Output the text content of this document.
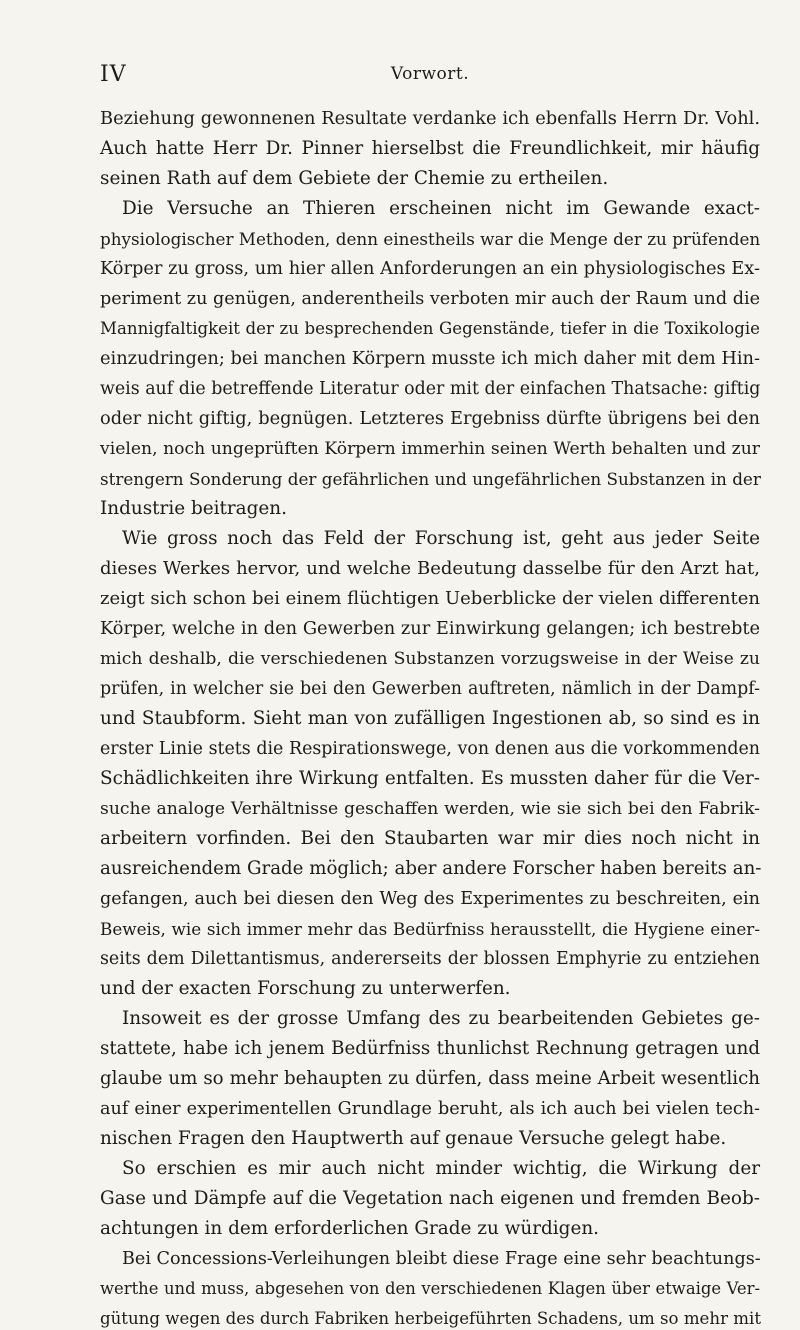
IV	Vorwort.
Beziehung gewonnenen Resultate verdanke ich ebenfalls Herrn Dr. Vohl.
Auch hatte Herr Dr. Pinner hierselbst die Freundlichkeit, mir häufig
seinen Rath auf dem Gebiete der Chemie zu ertheilen.
Die Versuche an Thieren erscheinen nicht im Gewande exact-
physiologischer Methoden, denn einestheils war die Menge der zu prüfenden
Körper zu gross, um hier allen Anforderungen an ein physiologisches Ex-
periment zu genügen, anderentheils verboten mir auch der Raum und die
Mannigfaltigkeit der zu besprechenden Gegenstände, tiefer in die Toxikologie
einzudringen; bei manchen Körpern musste ich mich daher mit dem Hin-
weis auf die betreffende Literatur oder mit der einfachen Thatsache: giftig
oder nicht giftig, begnügen. Letzteres Ergebniss dürfte übrigens bei den
vielen, noch ungeprüften Körpern immerhin seinen Werth behalten und zur
strengern Sonderung der gefährlichen und ungefährlichen Substanzen in der
Industrie beitragen.
Wie gross noch das Feld der Forschung ist, geht aus jeder Seite
dieses Werkes hervor, und welche Bedeutung dasselbe für den Arzt hat,
zeigt sich schon bei einem flüchtigen Ueberblicke der vielen differenten
Körper, welche in den Gewerben zur Einwirkung gelangen; ich bestrebte
mich deshalb, die verschiedenen Substanzen vorzugsweise in der Weise zu
prüfen, in welcher sie bei den Gewerben auftreten, nämlich in der Dampf-
und Staubform. Sieht man von zufälligen Ingestionen ab, so sind es in
erster Linie stets die Respirationswege, von denen aus die vorkommenden
Schädlichkeiten ihre Wirkung entfalten. Es mussten daher für die Ver-
suche analoge Verhältnisse geschaffen werden, wie sie sich bei den Fabrik-
arbeitern vorfinden. Bei den Staubarten war mir dies noch nicht in
ausreichendem Grade möglich; aber andere Forscher haben bereits an-
gefangen, auch bei diesen den Weg des Experimentes zu beschreiten, ein
Beweis, wie sich immer mehr das Bedürfniss herausstellt, die Hygiene einer-
seits dem Dilettantismus, andererseits der blossen Emphyrie zu entziehen
und der exacten Forschung zu unterwerfen.
Insoweit es der grosse Umfang des zu bearbeitenden Gebietes ge-
stattete, habe ich jenem Bedürfniss thunlichst Rechnung getragen und
glaube um so mehr behaupten zu dürfen, dass meine Arbeit wesentlich
auf einer experimentellen Grundlage beruht, als ich auch bei vielen tech-
nischen Fragen den Hauptwerth auf genaue Versuche gelegt habe.
So erschien es mir auch nicht minder wichtig, die Wirkung der
Gase und Dämpfe auf die Vegetation nach eigenen und fremden Beob-
achtungen in dem erforderlichen Grade zu würdigen.
Bei Concessions-Verleihungen bleibt diese Frage eine sehr beachtungs-
werthe und muss, abgesehen von den verschiedenen Klagen über etwaige Ver-
gütung wegen des durch Fabriken herbeigeführten Schadens, um so mehr mit
